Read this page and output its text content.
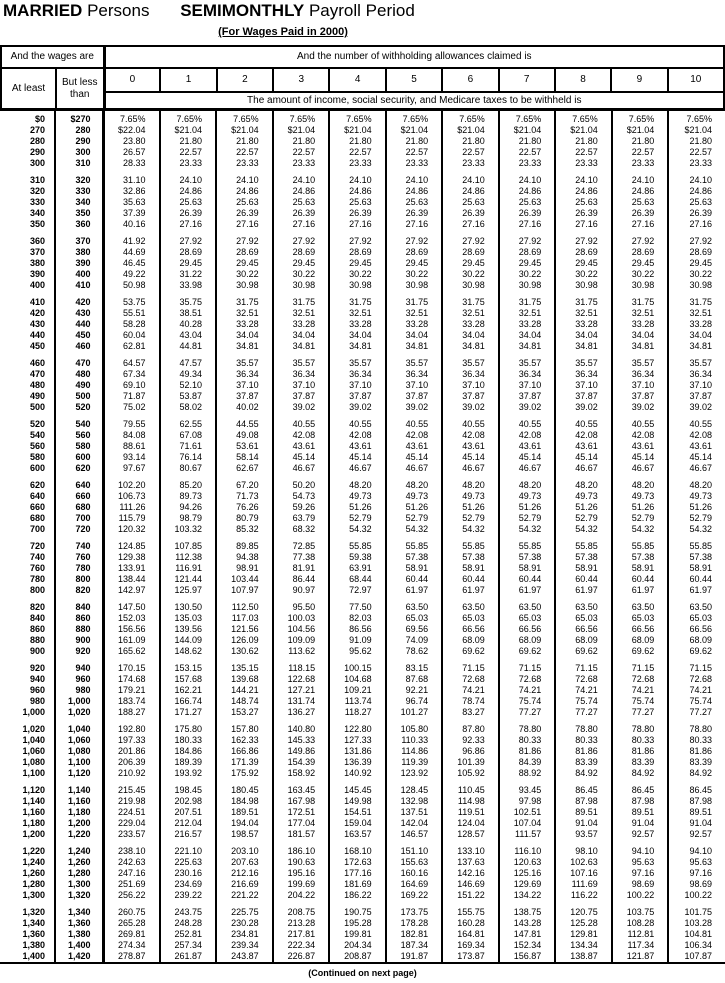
MARRIED Persons SEMIMONTHLY Payroll Period
(For Wages Paid in 2000)
And the wages are		And the number of withholding allowances claimed is										
At least	But less than	0	1	2	3	4	5	6	7	8	9	10
		The amount of income, social security, and Medicare taxes to be withheld is										

$0	$270	7.65%	7.65%	7.65%	7.65%	7.65%	7.65%	7.65%	7.65%	7.65%	7.65%	7.65%
270	280	$22.04	$21.04	$21.04	$21.04	$21.04	$21.04	$21.04	$21.04	$21.04	$21.04	$21.04
280	290	23.80	21.80	21.80	21.80	21.80	21.80	21.80	21.80	21.80	21.80	21.80
290	300	26.57	22.57	22.57	22.57	22.57	22.57	22.57	22.57	22.57	22.57	22.57
300	310	28.33	23.33	23.33	23.33	23.33	23.33	23.33	23.33	23.33	23.33	23.33

310	320	31.10	24.10	24.10	24.10	24.10	24.10	24.10	24.10	24.10	24.10	24.10
320	330	32.86	24.86	24.86	24.86	24.86	24.86	24.86	24.86	24.86	24.86	24.86
330	340	35.63	25.63	25.63	25.63	25.63	25.63	25.63	25.63	25.63	25.63	25.63
340	350	37.39	26.39	26.39	26.39	26.39	26.39	26.39	26.39	26.39	26.39	26.39
350	360	40.16	27.16	27.16	27.16	27.16	27.16	27.16	27.16	27.16	27.16	27.16

360	370	41.92	27.92	27.92	27.92	27.92	27.92	27.92	27.92	27.92	27.92	27.92
370	380	44.69	28.69	28.69	28.69	28.69	28.69	28.69	28.69	28.69	28.69	28.69
380	390	46.45	29.45	29.45	29.45	29.45	29.45	29.45	29.45	29.45	29.45	29.45
390	400	49.22	31.22	30.22	30.22	30.22	30.22	30.22	30.22	30.22	30.22	30.22
400	410	50.98	33.98	30.98	30.98	30.98	30.98	30.98	30.98	30.98	30.98	30.98

410	420	53.75	35.75	31.75	31.75	31.75	31.75	31.75	31.75	31.75	31.75	31.75
420	430	55.51	38.51	32.51	32.51	32.51	32.51	32.51	32.51	32.51	32.51	32.51
430	440	58.28	40.28	33.28	33.28	33.28	33.28	33.28	33.28	33.28	33.28	33.28
440	450	60.04	43.04	34.04	34.04	34.04	34.04	34.04	34.04	34.04	34.04	34.04
450	460	62.81	44.81	34.81	34.81	34.81	34.81	34.81	34.81	34.81	34.81	34.81

460	470	64.57	47.57	35.57	35.57	35.57	35.57	35.57	35.57	35.57	35.57	35.57
470	480	67.34	49.34	36.34	36.34	36.34	36.34	36.34	36.34	36.34	36.34	36.34
480	490	69.10	52.10	37.10	37.10	37.10	37.10	37.10	37.10	37.10	37.10	37.10
490	500	71.87	53.87	37.87	37.87	37.87	37.87	37.87	37.87	37.87	37.87	37.87
500	520	75.02	58.02	40.02	39.02	39.02	39.02	39.02	39.02	39.02	39.02	39.02

520	540	79.55	62.55	44.55	40.55	40.55	40.55	40.55	40.55	40.55	40.55	40.55
540	560	84.08	67.08	49.08	42.08	42.08	42.08	42.08	42.08	42.08	42.08	42.08
560	580	88.61	71.61	53.61	43.61	43.61	43.61	43.61	43.61	43.61	43.61	43.61
580	600	93.14	76.14	58.14	45.14	45.14	45.14	45.14	45.14	45.14	45.14	45.14
600	620	97.67	80.67	62.67	46.67	46.67	46.67	46.67	46.67	46.67	46.67	46.67

620	640	102.20	85.20	67.20	50.20	48.20	48.20	48.20	48.20	48.20	48.20	48.20
640	660	106.73	89.73	71.73	54.73	49.73	49.73	49.73	49.73	49.73	49.73	49.73
660	680	111.26	94.26	76.26	59.26	51.26	51.26	51.26	51.26	51.26	51.26	51.26
680	700	115.79	98.79	80.79	63.79	52.79	52.79	52.79	52.79	52.79	52.79	52.79
700	720	120.32	103.32	85.32	68.32	54.32	54.32	54.32	54.32	54.32	54.32	54.32

720	740	124.85	107.85	89.85	72.85	55.85	55.85	55.85	55.85	55.85	55.85	55.85
740	760	129.38	112.38	94.38	77.38	59.38	57.38	57.38	57.38	57.38	57.38	57.38
760	780	133.91	116.91	98.91	81.91	63.91	58.91	58.91	58.91	58.91	58.91	58.91
780	800	138.44	121.44	103.44	86.44	68.44	60.44	60.44	60.44	60.44	60.44	60.44
800	820	142.97	125.97	107.97	90.97	72.97	61.97	61.97	61.97	61.97	61.97	61.97

820	840	147.50	130.50	112.50	95.50	77.50	63.50	63.50	63.50	63.50	63.50	63.50
840	860	152.03	135.03	117.03	100.03	82.03	65.03	65.03	65.03	65.03	65.03	65.03
860	880	156.56	139.56	121.56	104.56	86.56	69.56	66.56	66.56	66.56	66.56	66.56
880	900	161.09	144.09	126.09	109.09	91.09	74.09	68.09	68.09	68.09	68.09	68.09
900	920	165.62	148.62	130.62	113.62	95.62	78.62	69.62	69.62	69.62	69.62	69.62

920	940	170.15	153.15	135.15	118.15	100.15	83.15	71.15	71.15	71.15	71.15	71.15
940	960	174.68	157.68	139.68	122.68	104.68	87.68	72.68	72.68	72.68	72.68	72.68
960	980	179.21	162.21	144.21	127.21	109.21	92.21	74.21	74.21	74.21	74.21	74.21
980	1,000	183.74	166.74	148.74	131.74	113.74	96.74	78.74	75.74	75.74	75.74	75.74
1,000	1,020	188.27	171.27	153.27	136.27	118.27	101.27	83.27	77.27	77.27	77.27	77.27

1,020	1,040	192.80	175.80	157.80	140.80	122.80	105.80	87.80	78.80	78.80	78.80	78.80
1,040	1,060	197.33	180.33	162.33	145.33	127.33	110.33	92.33	80.33	80.33	80.33	80.33
1,060	1,080	201.86	184.86	166.86	149.86	131.86	114.86	96.86	81.86	81.86	81.86	81.86
1,080	1,100	206.39	189.39	171.39	154.39	136.39	119.39	101.39	84.39	83.39	83.39	83.39
1,100	1,120	210.92	193.92	175.92	158.92	140.92	123.92	105.92	88.92	84.92	84.92	84.92

1,120	1,140	215.45	198.45	180.45	163.45	145.45	128.45	110.45	93.45	86.45	86.45	86.45
1,140	1,160	219.98	202.98	184.98	167.98	149.98	132.98	114.98	97.98	87.98	87.98	87.98
1,160	1,180	224.51	207.51	189.51	172.51	154.51	137.51	119.51	102.51	89.51	89.51	89.51
1,180	1,200	229.04	212.04	194.04	177.04	159.04	142.04	124.04	107.04	91.04	91.04	91.04
1,200	1,220	233.57	216.57	198.57	181.57	163.57	146.57	128.57	111.57	93.57	92.57	92.57

1,220	1,240	238.10	221.10	203.10	186.10	168.10	151.10	133.10	116.10	98.10	94.10	94.10
1,240	1,260	242.63	225.63	207.63	190.63	172.63	155.63	137.63	120.63	102.63	95.63	95.63
1,260	1,280	247.16	230.16	212.16	195.16	177.16	160.16	142.16	125.16	107.16	97.16	97.16
1,280	1,300	251.69	234.69	216.69	199.69	181.69	164.69	146.69	129.69	111.69	98.69	98.69
1,300	1,320	256.22	239.22	221.22	204.22	186.22	169.22	151.22	134.22	116.22	100.22	100.22

1,320	1,340	260.75	243.75	225.75	208.75	190.75	173.75	155.75	138.75	120.75	103.75	101.75
1,340	1,360	265.28	248.28	230.28	213.28	195.28	178.28	160.28	143.28	125.28	108.28	103.28
1,360	1,380	269.81	252.81	234.81	217.81	199.81	182.81	164.81	147.81	129.81	112.81	104.81
1,380	1,400	274.34	257.34	239.34	222.34	204.34	187.34	169.34	152.34	134.34	117.34	106.34
1,400	1,420	278.87	261.87	243.87	226.87	208.87	191.87	173.87	156.87	138.87	121.87	107.87
(Continued on next page)
